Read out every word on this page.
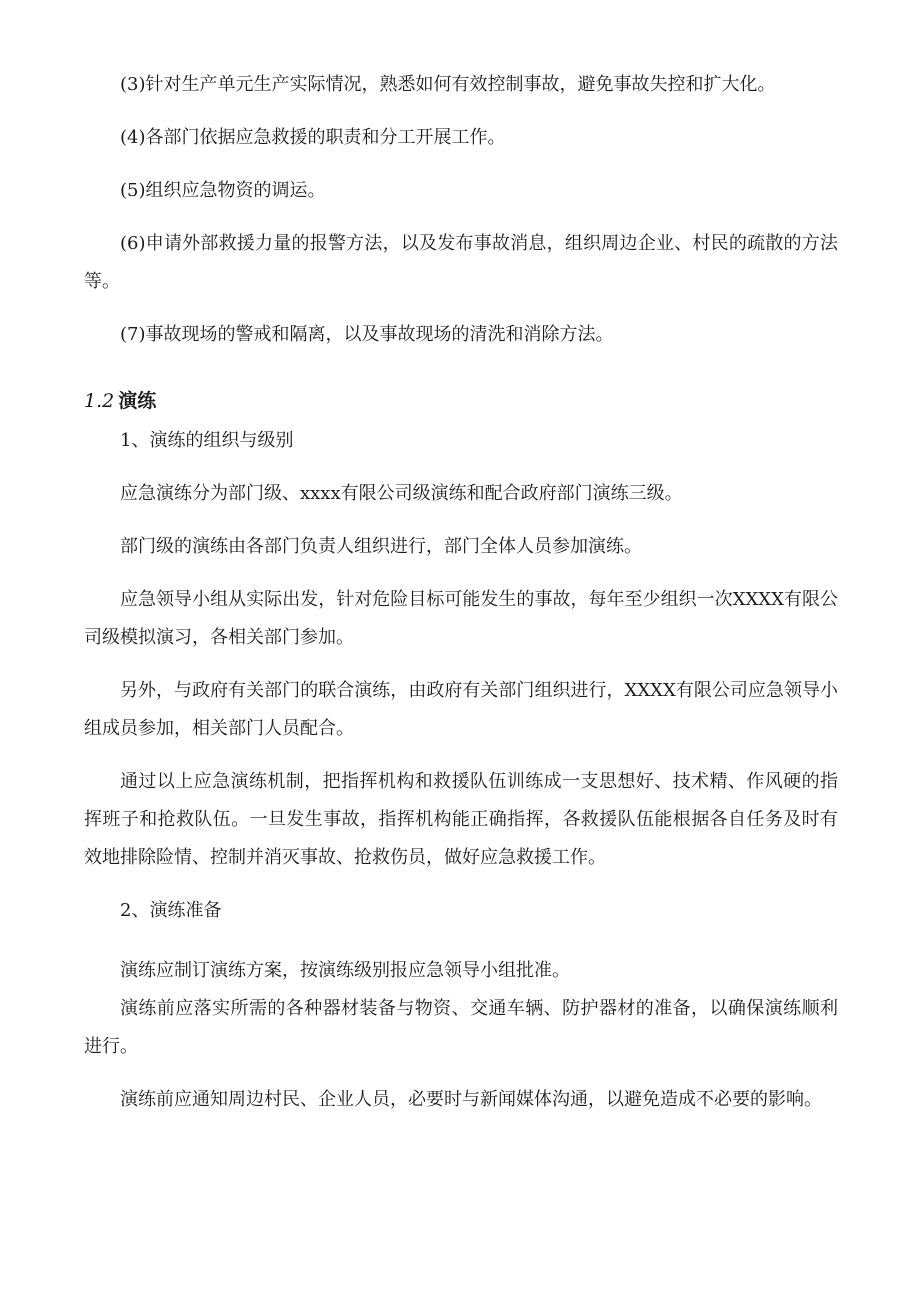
(3)针对生产单元生产实际情况，熟悉如何有效控制事故，避免事故失控和扩大化。

(4)各部门依据应急救援的职责和分工开展工作。

(5)组织应急物资的调运。

(6)申请外部救援力量的报警方法，以及发布事故消息，组织周边企业、村民的疏散的方法等。

(7)事故现场的警戒和隔离，以及事故现场的清洗和消除方法。

1.2 演练

1、演练的组织与级别

应急演练分为部门级、xxxx有限公司级演练和配合政府部门演练三级。

部门级的演练由各部门负责人组织进行，部门全体人员参加演练。

应急领导小组从实际出发，针对危险目标可能发生的事故，每年至少组织一次XXXX有限公司级模拟演习，各相关部门参加。

另外，与政府有关部门的联合演练，由政府有关部门组织进行，XXXX有限公司应急领导小组成员参加，相关部门人员配合。

通过以上应急演练机制，把指挥机构和救援队伍训练成一支思想好、技术精、作风硬的指挥班子和抢救队伍。一旦发生事故，指挥机构能正确指挥，各救援队伍能根据各自任务及时有效地排除险情、控制并消灭事故、抢救伤员，做好应急救援工作。

2、演练准备

演练应制订演练方案，按演练级别报应急领导小组批准。

演练前应落实所需的各种器材装备与物资、交通车辆、防护器材的准备，以确保演练顺利进行。

演练前应通知周边村民、企业人员，必要时与新闻媒体沟通，以避免造成不必要的影响。
